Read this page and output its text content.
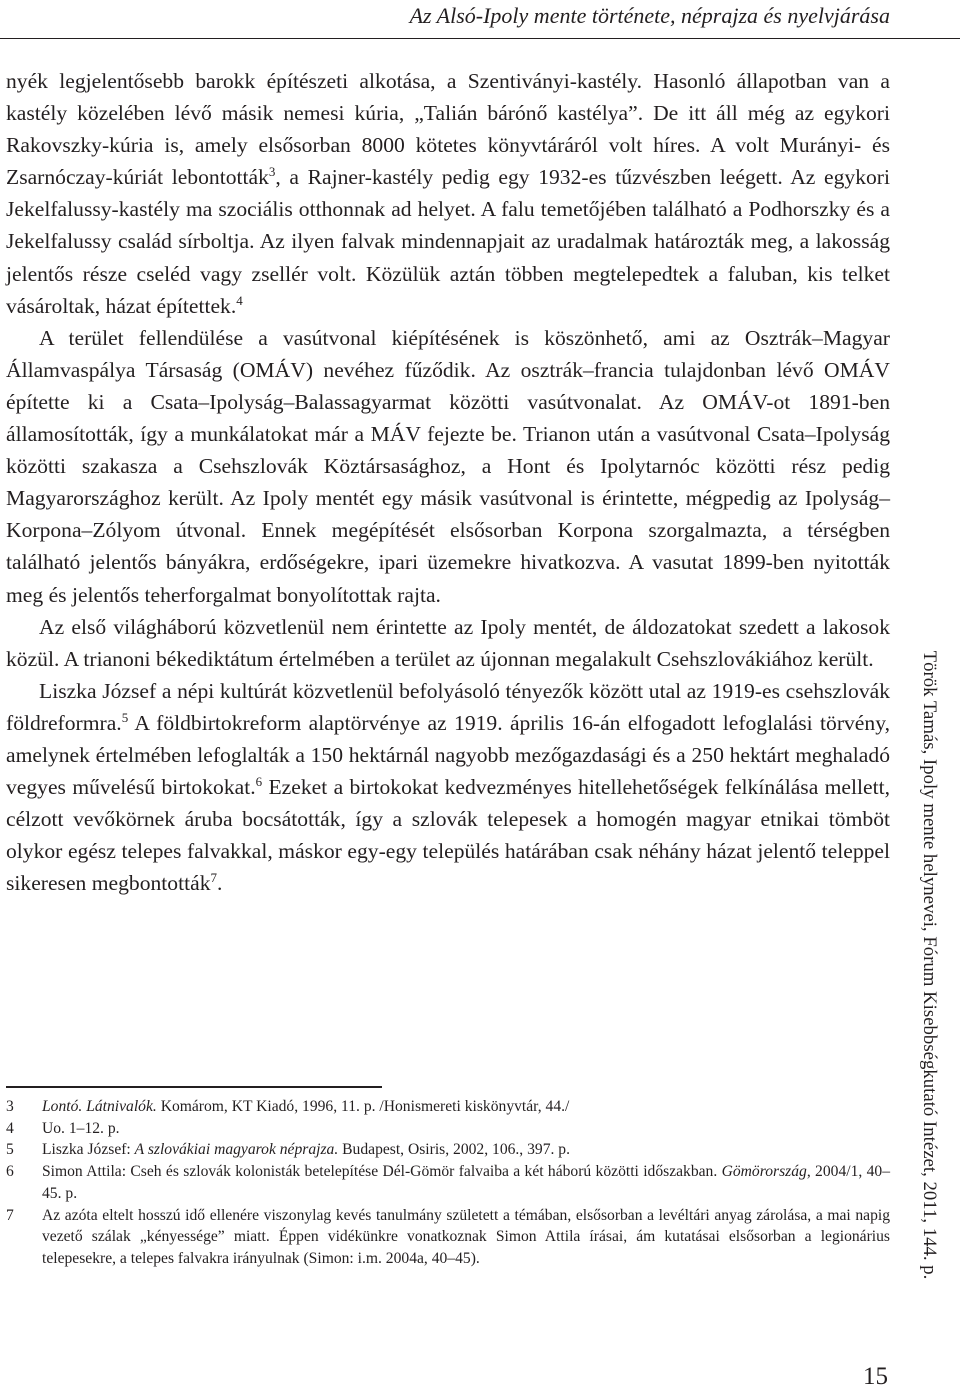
Az Alsó-Ipoly mente története, néprajza és nyelvjárása

nyék legjelentősebb barokk építészeti alkotása, a Szentiványi-kastély. Hasonló állapotban van a kastély közelében lévő másik nemesi kúria, „Talián bárónő kastélya”. De itt áll még az egykori Rakovszky-kúria is, amely elsősorban 8000 kötetes könyvtáráról volt híres. A volt Murányi- és Zsarnóczay-kúriát lebontották$^3$, a Rajner-kastély pedig egy 1932-es tűzvészben leégett. Az egykori Jekelfalussy-kastély ma szociális otthonnak ad helyet. A falu temetőjében található a Podhorszky és a Jekelfalussy család sírboltja. Az ilyen falvak mindennapjait az uradalmak határozták meg, a lakosság jelentős része cseléd vagy zsellér volt. Közülük aztán többen megtelepedtek a faluban, kis telket vásároltak, házat építettek.$^4$

A terület fellendülése a vasútvonal kiépítésének is köszönhető, ami az Osztrák–Magyar Államvaspálya Társaság (OMÁV) nevéhez fűződik. Az osztrák–francia tulajdonban lévő OMÁV építette ki a Csata–Ipolyság–Balassagyarmat közötti vasútvonalat. Az OMÁV-ot 1891-ben államosították, így a munkálatokat már a MÁV fejezte be. Trianon után a vasútvonal Csata–Ipolyság közötti szakasza a Csehszlovák Köztársasághoz, a Hont és Ipolytarnóc közötti rész pedig Magyarországhoz került. Az Ipoly mentét egy másik vasútvonal is érintette, mégpedig az Ipolyság–Korpona–Zólyom útvonal. Ennek megépítését elsősorban Korpona szorgalmazta, a térségben található jelentős bányákra, erdőségekre, ipari üzemekre hivatkozva. A vasutat 1899-ben nyitották meg és jelentős teherforgalmat bonyolítottak rajta.

Az első világháború közvetlenül nem érintette az Ipoly mentét, de áldozatokat szedett a lakosok közül. A trianoni békediktátum értelmében a terület az újonnan megalakult Csehszlovákiához került.

Liszka József a népi kultúrát közvetlenül befolyásoló tényezők között utal az 1919-es csehszlovák földreformra.$^5$ A földbirtokreform alaptörvénye az 1919. április 16-án elfogadott lefoglalási törvény, amelynek értelmében lefoglalták a 150 hektárnál nagyobb mezőgazdasági és a 250 hektárt meghaladó vegyes művelésű birtokokat.$^6$ Ezeket a birtokokat kedvezményes hitellehetőségek felkínálása mellett, célzott vevőkörnek áruba bocsátották, így a szlovák telepesek a homogén magyar etnikai tömböt olykor egész telepes falvakkal, máskor egy-egy település határában csak néhány házat jelentő teleppel sikeresen megbontották$^7$.

3	Lontó. Látnivalók. Komárom, KT Kiadó, 1996, 11. p. /Honismereti kiskönyvtár, 44./
4	Uo. 1–12. p.
5	Liszka József: A szlovákiai magyarok néprajza. Budapest, Osiris, 2002, 106., 397. p.
6	Simon Attila: Cseh és szlovák kolonisták betelepítése Dél-Gömör falvaiba a két háború közötti időszakban. Gömörország, 2004/1, 40–45. p.
7	Az azóta eltelt hosszú idő ellenére viszonylag kevés tanulmány született a témában, elsősorban a levéltári anyag zárolása, a mai napig vezető szálak „kényessége” miatt. Éppen vidékünkre vonatkoznak Simon Attila írásai, ám kutatásai elsősorban a legionárius telepesekre, a telepes falvakra irányulnak (Simon: i.m. 2004a, 40–45).	Török Tamás, Ipoly mente helynevei, Fórum Kisebbségkutató Intézet, 2011, 144. p.
15
